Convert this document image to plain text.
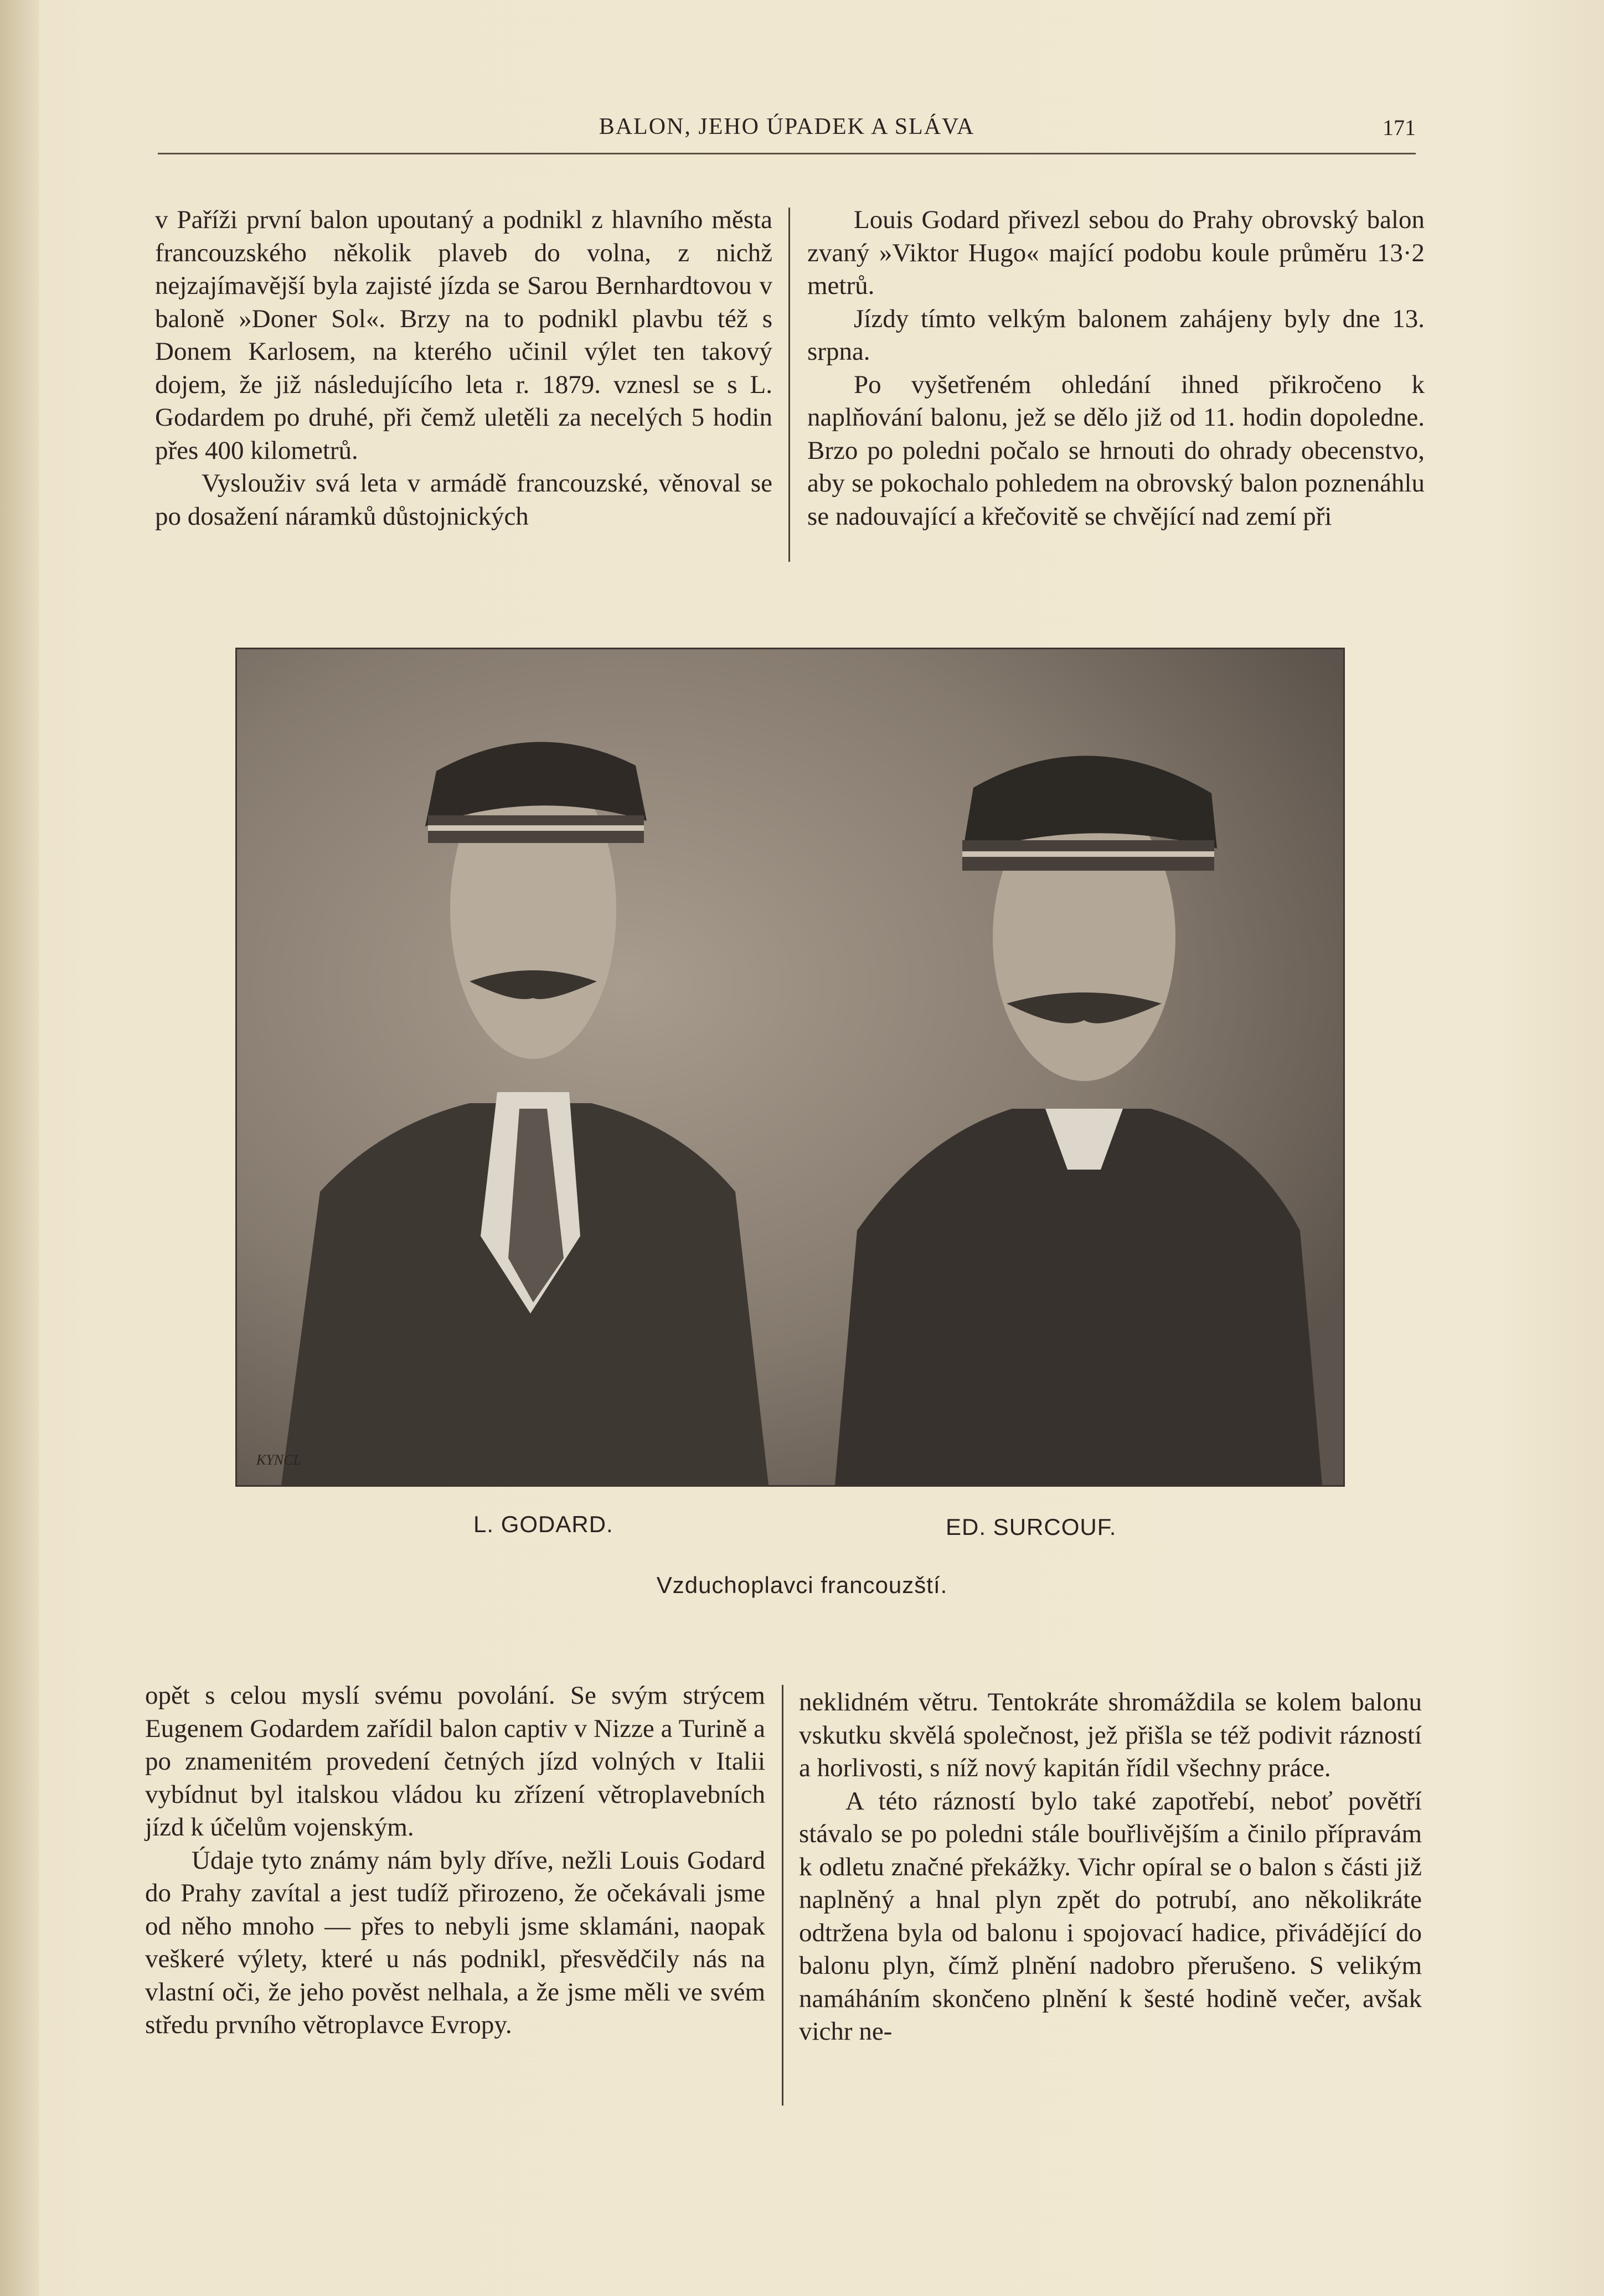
BALON, JEHO ÚPADEK A SLÁVA	171

v Paříži první balon upoutaný a podnikl z hlavního města francouzského několik plaveb do volna, z nichž nejzajímavější byla zajisté jízda se Sarou Bernhardtovou v baloně »Doner Sol«. Brzy na to podnikl plavbu též s Donem Karlosem, na kterého učinil výlet ten takový dojem, že již následujícího leta r. 1879. vznesl se s L. Godardem po druhé, při čemž uletěli za necelých 5 hodin přes 400 kilometrů.

Vyslouživ svá leta v armádě francouzské, věnoval se po dosažení náramků důstojnických

Louis Godard přivezl sebou do Prahy obrovský balon zvaný »Viktor Hugo« mající podobu koule průměru 13·2 metrů.

Jízdy tímto velkým balonem zahájeny byly dne 13. srpna.

Po vyšetřeném ohledání ihned přikročeno k naplňování balonu, jež se dělo již od 11. hodin dopoledne. Brzo po poledni počalo se hrnouti do ohrady obecenstvo, aby se pokochalo pohledem na obrovský balon poznenáhlu se nadouvající a křečovitě se chvějící nad zemí při

KYNCL
L. GODARD.	ED. SURCOUF.
Vzduchoplavci francouzští.

opět s celou myslí svému povolání. Se svým strýcem Eugenem Godardem zařídil balon captiv v Nizze a Turině a po znamenitém provedení četných jízd volných v Italii vybídnut byl italskou vládou ku zřízení větroplavebních jízd k účelům vojenským.

Údaje tyto známy nám byly dříve, nežli Louis Godard do Prahy zavítal a jest tudíž přirozeno, že očekávali jsme od něho mnoho — přes to nebyli jsme sklamáni, naopak veškeré výlety, které u nás podnikl, přesvědčily nás na vlastní oči, že jeho pověst nelhala, a že jsme měli ve svém středu prvního větroplavce Evropy.

neklidném větru. Tentokráte shromáždila se kolem balonu vskutku skvělá společnost, jež přišla se též podivit rázností a horlivosti, s níž nový kapitán řídil všechny práce.

A této rázností bylo také zapotřebí, neboť povětří stávalo se po poledni stále bouřlivějším a činilo přípravám k odletu značné překážky. Vichr opíral se o balon s části již naplněný a hnal plyn zpět do potrubí, ano několikráte odtržena byla od balonu i spojovací hadice, přivádějící do balonu plyn, čímž plnění nadobro přerušeno. S velikým namáháním skončeno plnění k šesté hodině večer, avšak vichr ne-
